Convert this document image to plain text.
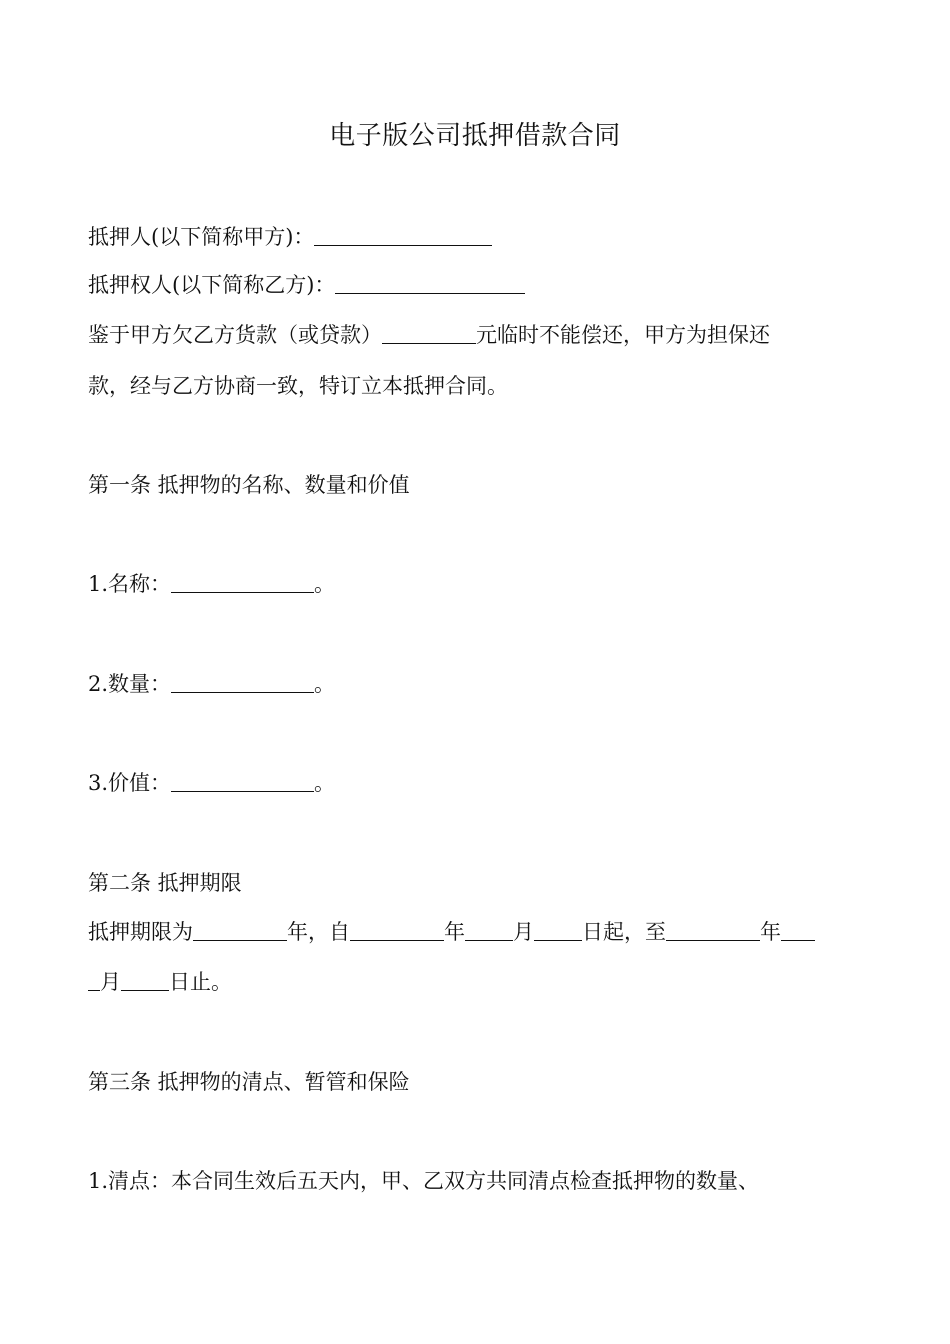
电子版公司抵押借款合同
抵押人(以下简称甲方)：
抵押权人(以下简称乙方)：
鉴于甲方欠乙方货款（或贷款）	元临时不能偿还，甲方为担保还
款，经与乙方协商一致，特订立本抵押合同。
第一条 抵押物的名称、数量和价值
1.名称：	。
2.数量：	。
3.价值：	。
第二条 抵押期限
抵押期限为	年，自	年 月 日起，至	年
月 日止。
第三条 抵押物的清点、暂管和保险
1.清点：本合同生效后五天内，甲、乙双方共同清点检查抵押物的数量、
